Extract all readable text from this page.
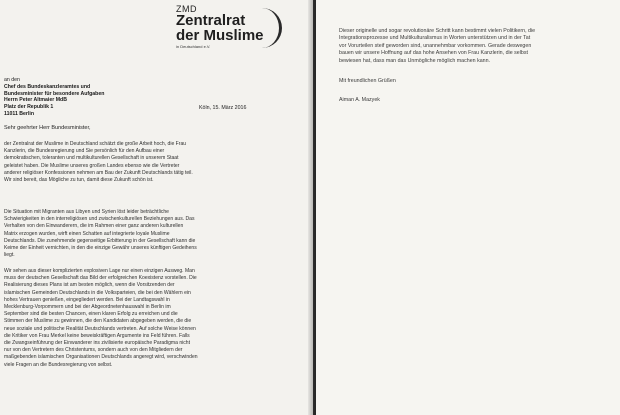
ZMD
Zentralrat
der Muslime
in Deutschland e.V.
an den
Chef des Bundeskanzleramtes und
Bundesminister für besondere Aufgaben
Herrn Peter Altmaier MdB
Platz der Republik 1
11011 Berlin
Köln, 15. März 2016
Sehr geehrter Herr Bundesminister,
der Zentralrat der Muslime in Deutschland schätzt die große Arbeit hoch, die Frau
Kanzlerin, die Bundesregierung und Sie persönlich für den Aufbau einer
demokratischen, toleranten und multikulturellen Gesellschaft in unserem Staat
geleistet haben. Die Muslime unseres großen Landes ebenso wie die Vertreter
anderer religiöser Konfessionen nehmen am Bau der Zukunft Deutschlands tätig teil.
Wir sind bereit, das Mögliche zu tun, damit diese Zukunft schön ist.
Die Situation mit Migranten aus Libyen und Syrien löst leider beträchtliche
Schwierigkeiten in den interreligiösen und zwischenkulturellen Beziehungen aus. Das
Verhalten von den Einwanderern, die im Rahmen einer ganz anderen kulturellen
Matrix erzogen wurden, wirft einen Schatten auf integrierte loyale Muslime
Deutschlands. Die zunehmende gegenseitige Erbitterung in der Gesellschaft kann die
Keime der Einheit vernichten, in den die einzige Gewähr unseres künftigen Gedeihens
liegt.
Wir sehen aus dieser komplizierten explosiven Lage nur einen einzigen Ausweg. Man
muss der deutschen Gesellschaft das Bild der erfolgreichen Koexistenz vorstellen. Die
Realisierung dieses Plans ist am besten möglich, wenn die Vorsitzenden der
islamischen Gemeinden Deutschlands in die Volksparteien, die bei den Wählern ein
hohes Vertrauen genießen, eingegliedert werden. Bei der Landtagswahl in
Mecklenburg-Vorpommern und bei der Abgeordnetenhauswahl in Berlin im
September sind die besten Chancen, einen klaren Erfolg zu erreichen und die
Stimmen der Muslime zu gewinnen, die den Kandidaten abgegeben werden, die die
neue soziale und politische Realität Deutschlands vertreten. Auf solche Weise können
die Kritiker von Frau Merkel keine beweiskräftigen Argumente ins Feld führen. Falls
die Zwangseinführung der Einwanderer ins zivilisierte europäische Paradigma nicht
nur von den Vertretern des Christentums, sondern auch von den Mitgliedern der
maßgebenden islamischen Organisationen Deutschlands angeregt wird, verschwinden
viele Fragen an die Bundesregierung von selbst.
Dieser originelle und sogar revolutionäre Schritt kann bestimmt vielen Politikern, die
Integrationsprozesse und Multikulturalismus in Worten unterstützen und in der Tat
vor Vorurteilen steif geworden sind, unannehmbar vorkommen. Gerade deswegen
bauen wir unsere Hoffnung auf das hohe Ansehen von Frau Kanzlerin, die selbst
bewiesen hat, dass man das Unmögliche möglich machen kann.
Mit freundlichen Grüßen
Aiman A. Mazyek
